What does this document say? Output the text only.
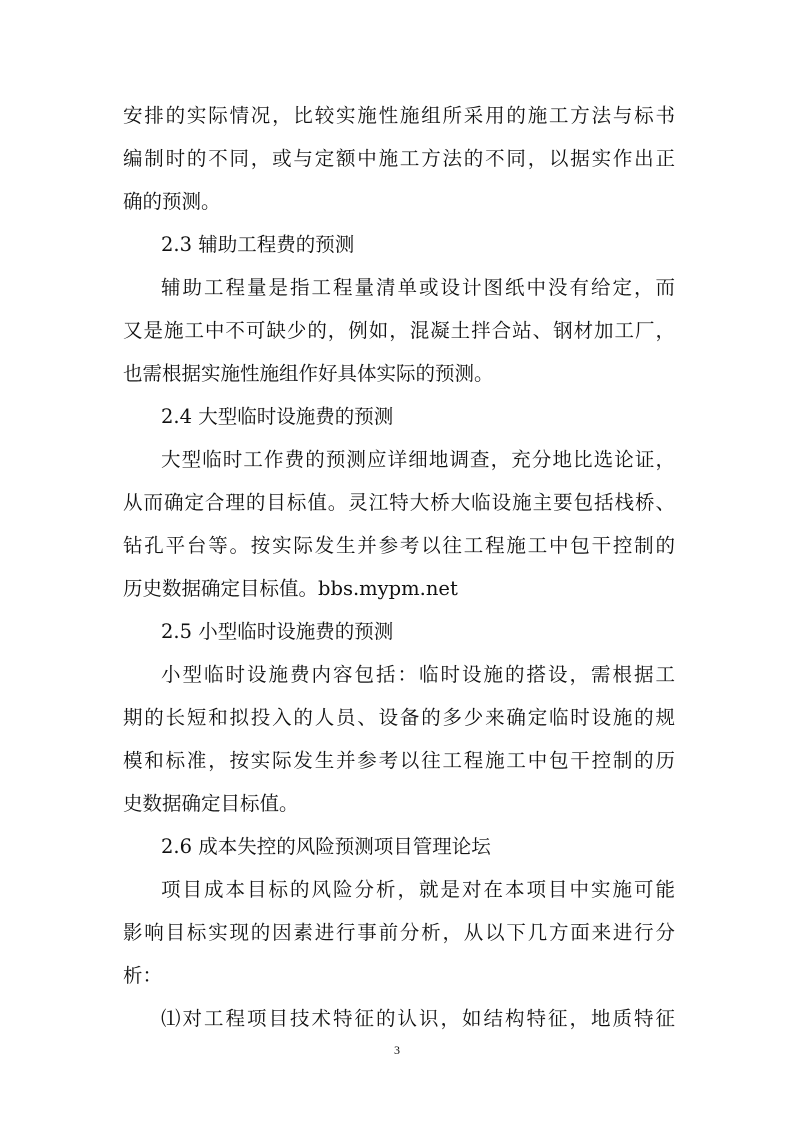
安排的实际情况，比较实施性施组所采用的施工方法与标书
编制时的不同，或与定额中施工方法的不同，以据实作出正
确的预测。
2.3 辅助工程费的预测
辅助工程量是指工程量清单或设计图纸中没有给定，而
又是施工中不可缺少的，例如，混凝土拌合站、钢材加工厂，
也需根据实施性施组作好具体实际的预测。
2.4 大型临时设施费的预测
大型临时工作费的预测应详细地调查，充分地比选论证，
从而确定合理的目标值。灵江特大桥大临设施主要包括栈桥、
钻孔平台等。按实际发生并参考以往工程施工中包干控制的
历史数据确定目标值。bbs.mypm.net
2.5 小型临时设施费的预测
小型临时设施费内容包括：临时设施的搭设，需根据工
期的长短和拟投入的人员、设备的多少来确定临时设施的规
模和标准，按实际发生并参考以往工程施工中包干控制的历
史数据确定目标值。
2.6 成本失控的风险预测项目管理论坛
项目成本目标的风险分析，就是对在本项目中实施可能
影响目标实现的因素进行事前分析，从以下几方面来进行分
析：
⑴对工程项目技术特征的认识，如结构特征，地质特征
3
